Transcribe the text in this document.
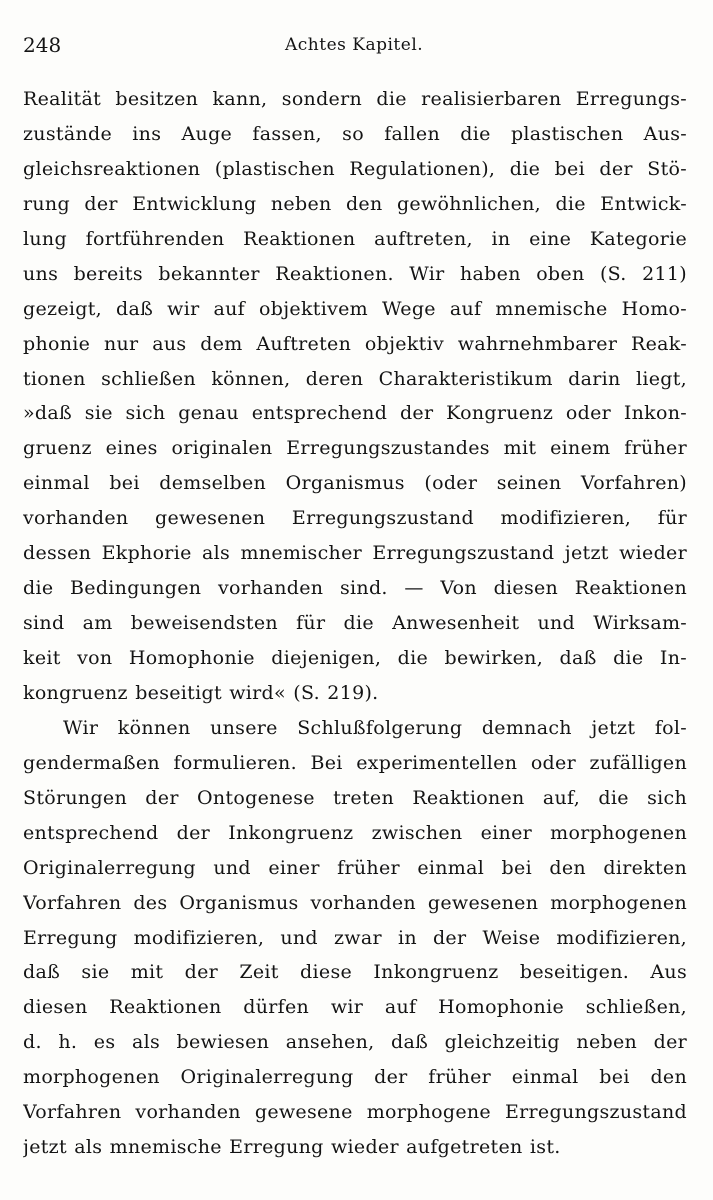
248	Achtes Kapitel.
Realität besitzen kann, sondern die realisierbaren Erregungs-
zustände ins Auge fassen, so fallen die plastischen Aus-
gleichsreaktionen (plastischen Regulationen), die bei der Stö-
rung der Entwicklung neben den gewöhnlichen, die Entwick-
lung fortführenden Reaktionen auftreten, in eine Kategorie
uns bereits bekannter Reaktionen. Wir haben oben (S. 211)
gezeigt, daß wir auf objektivem Wege auf mnemische Homo-
phonie nur aus dem Auftreten objektiv wahrnehmbarer Reak-
tionen schließen können, deren Charakteristikum darin liegt,
»daß sie sich genau entsprechend der Kongruenz oder Inkon-
gruenz eines originalen Erregungszustandes mit einem früher
einmal bei demselben Organismus (oder seinen Vorfahren)
vorhanden gewesenen Erregungszustand modifizieren, für
dessen Ekphorie als mnemischer Erregungszustand jetzt wieder
die Bedingungen vorhanden sind. — Von diesen Reaktionen
sind am beweisendsten für die Anwesenheit und Wirksam-
keit von Homophonie diejenigen, die bewirken, daß die In-
kongruenz beseitigt wird« (S. 219).
Wir können unsere Schlußfolgerung demnach jetzt fol-
gendermaßen formulieren. Bei experimentellen oder zufälligen
Störungen der Ontogenese treten Reaktionen auf, die sich
entsprechend der Inkongruenz zwischen einer morphogenen
Originalerregung und einer früher einmal bei den direkten
Vorfahren des Organismus vorhanden gewesenen morphogenen
Erregung modifizieren, und zwar in der Weise modifizieren,
daß sie mit der Zeit diese Inkongruenz beseitigen. Aus
diesen Reaktionen dürfen wir auf Homophonie schließen,
d. h. es als bewiesen ansehen, daß gleichzeitig neben der
morphogenen Originalerregung der früher einmal bei den
Vorfahren vorhanden gewesene morphogene Erregungszustand
jetzt als mnemische Erregung wieder aufgetreten ist.
